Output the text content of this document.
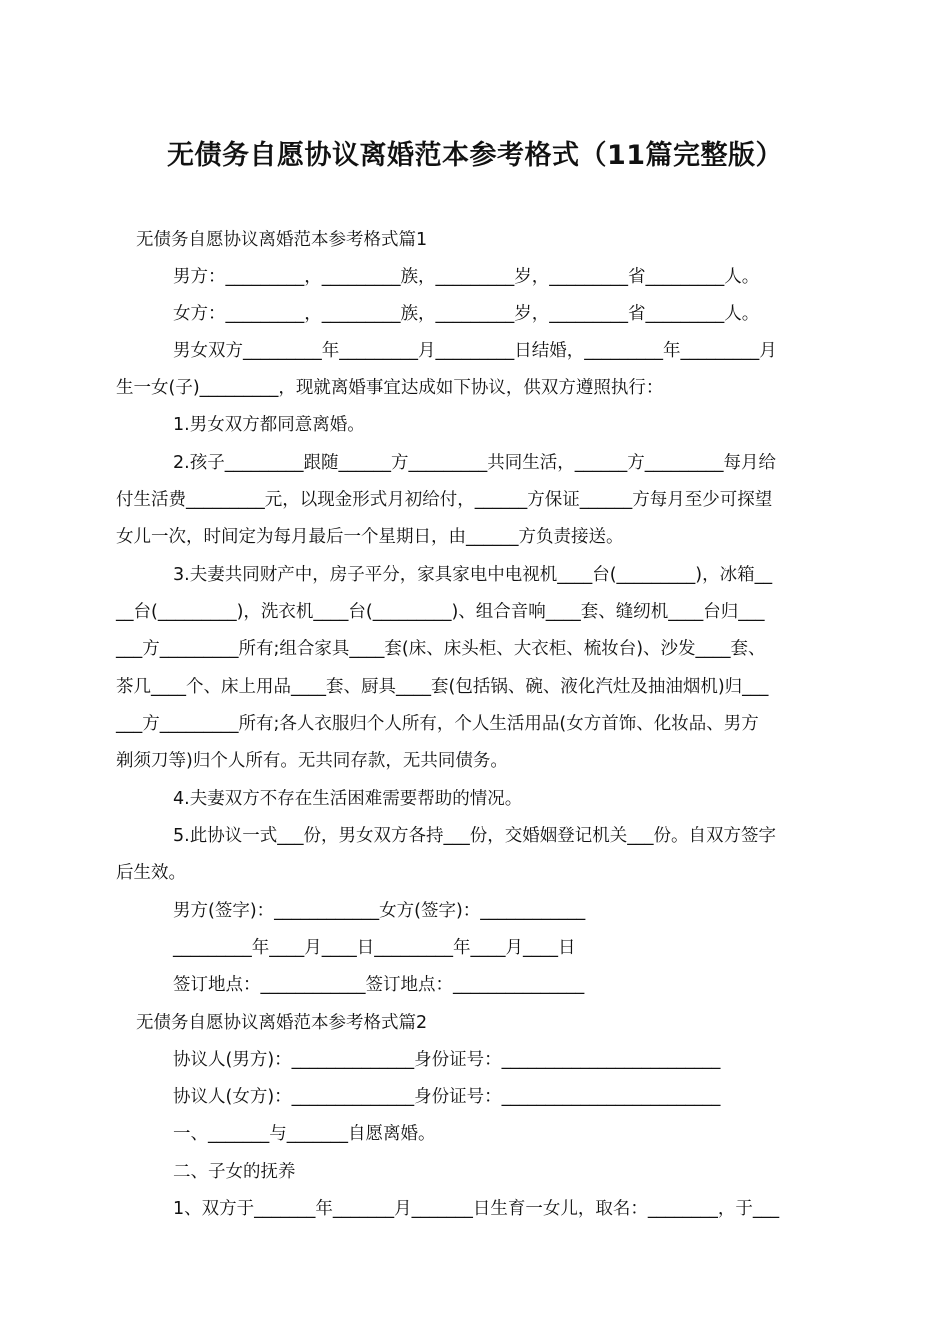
无债务自愿协议离婚范本参考格式（11篇完整版）

无债务自愿协议离婚范本参考格式篇1

男方：_________，_________族，_________岁，_________省_________人。

女方：_________，_________族，_________岁，_________省_________人。

男女双方_________年_________月_________日结婚，_________年_________月

生一女(子)_________，现就离婚事宜达成如下协议，供双方遵照执行：

1.男女双方都同意离婚。

2.孩子_________跟随______方_________共同生活，______方_________每月给

付生活费_________元，以现金形式月初给付，______方保证______方每月至少可探望

女儿一次，时间定为每月最后一个星期日，由______方负责接送。

3.夫妻共同财产中，房子平分，家具家电中电视机____台(_________)，冰箱__

__台(_________)，洗衣机____台(_________)、组合音响____套、缝纫机____台归___

___方_________所有;组合家具____套(床、床头柜、大衣柜、梳妆台)、沙发____套、

茶几____个、床上用品____套、厨具____套(包括锅、碗、液化汽灶及抽油烟机)归___

___方_________所有;各人衣服归个人所有，个人生活用品(女方首饰、化妆品、男方

剃须刀等)归个人所有。无共同存款，无共同债务。

4.夫妻双方不存在生活困难需要帮助的情况。

5.此协议一式___份，男女双方各持___份，交婚姻登记机关___份。自双方签字

后生效。

男方(签字)：____________女方(签字)：____________

_________年____月____日_________年____月____日

签订地点：____________签订地点：_______________

无债务自愿协议离婚范本参考格式篇2

协议人(男方)：______________身份证号：_________________________

协议人(女方)：______________身份证号：_________________________

一、_______与_______自愿离婚。

二、子女的抚养

1、双方于_______年_______月_______日生育一女儿，取名：________，于___
